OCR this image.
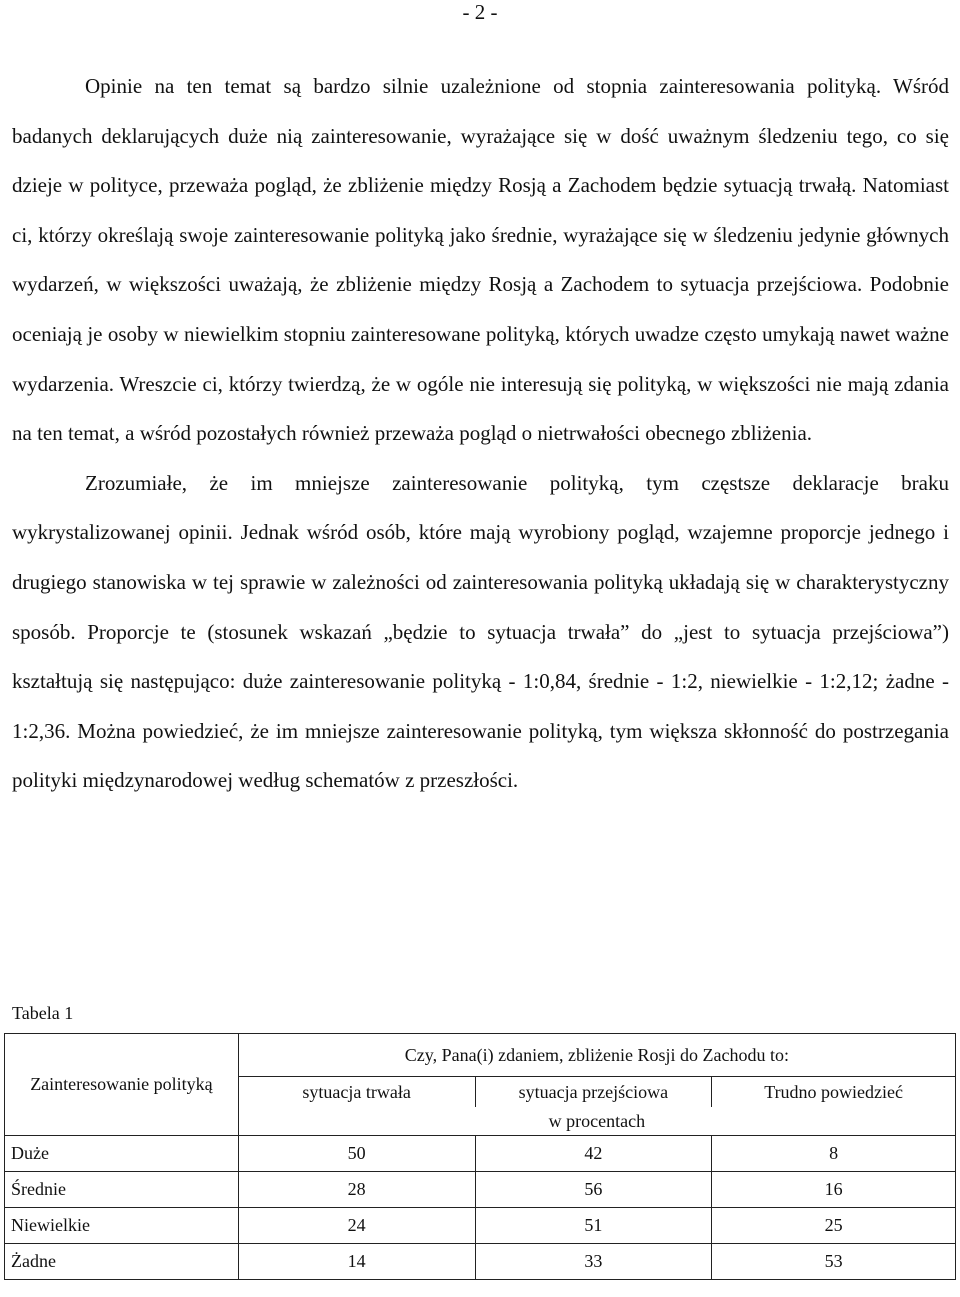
- 2 -

Opinie na ten temat są bardzo silnie uzależnione od stopnia zainteresowania polityką. Wśród badanych deklarujących duże nią zainteresowanie, wyrażające się w dość uważnym śledzeniu tego, co się dzieje w polityce, przeważa pogląd, że zbliżenie między Rosją a Zachodem będzie sytuacją trwałą. Natomiast ci, którzy określają swoje zainteresowanie polityką jako średnie, wyrażające się w śledzeniu jedynie głównych wydarzeń, w większości uważają, że zbliżenie między Rosją a Zachodem to sytuacja przejściowa. Podobnie oceniają je osoby w niewielkim stopniu zainteresowane polityką, których uwadze często umykają nawet ważne wydarzenia. Wreszcie ci, którzy twierdzą, że w ogóle nie interesują się polityką, w większości nie mają zdania na ten temat, a wśród pozostałych również przeważa pogląd o nietrwałości obecnego zbliżenia.

Zrozumiałe, że im mniejsze zainteresowanie polityką, tym częstsze deklaracje braku wykrystalizowanej opinii. Jednak wśród osób, które mają wyrobiony pogląd, wzajemne proporcje jednego i drugiego stanowiska w tej sprawie w zależności od zainteresowania polityką układają się w charakterystyczny sposób. Proporcje te (stosunek wskazań „będzie to sytuacja trwała” do „jest to sytuacja przejściowa”) kształtują się następująco: duże zainteresowanie polityką - 1:0,84, średnie - 1:2, niewielkie - 1:2,12; żadne - 1:2,36. Można powiedzieć, że im mniejsze zainteresowanie polityką, tym większa skłonność do postrzegania polityki międzynarodowej według schematów z przeszłości.

Tabela 1
Zainteresowanie polityką	Czy, Pana(i) zdaniem, zbliżenie Rosji do Zachodu to:		
	sytuacja trwała	sytuacja przejściowa	Trudno powiedzieć
	w procentach		
Duże	50	42	8
Średnie	28	56	16
Niewielkie	24	51	25
Żadne	14	33	53
